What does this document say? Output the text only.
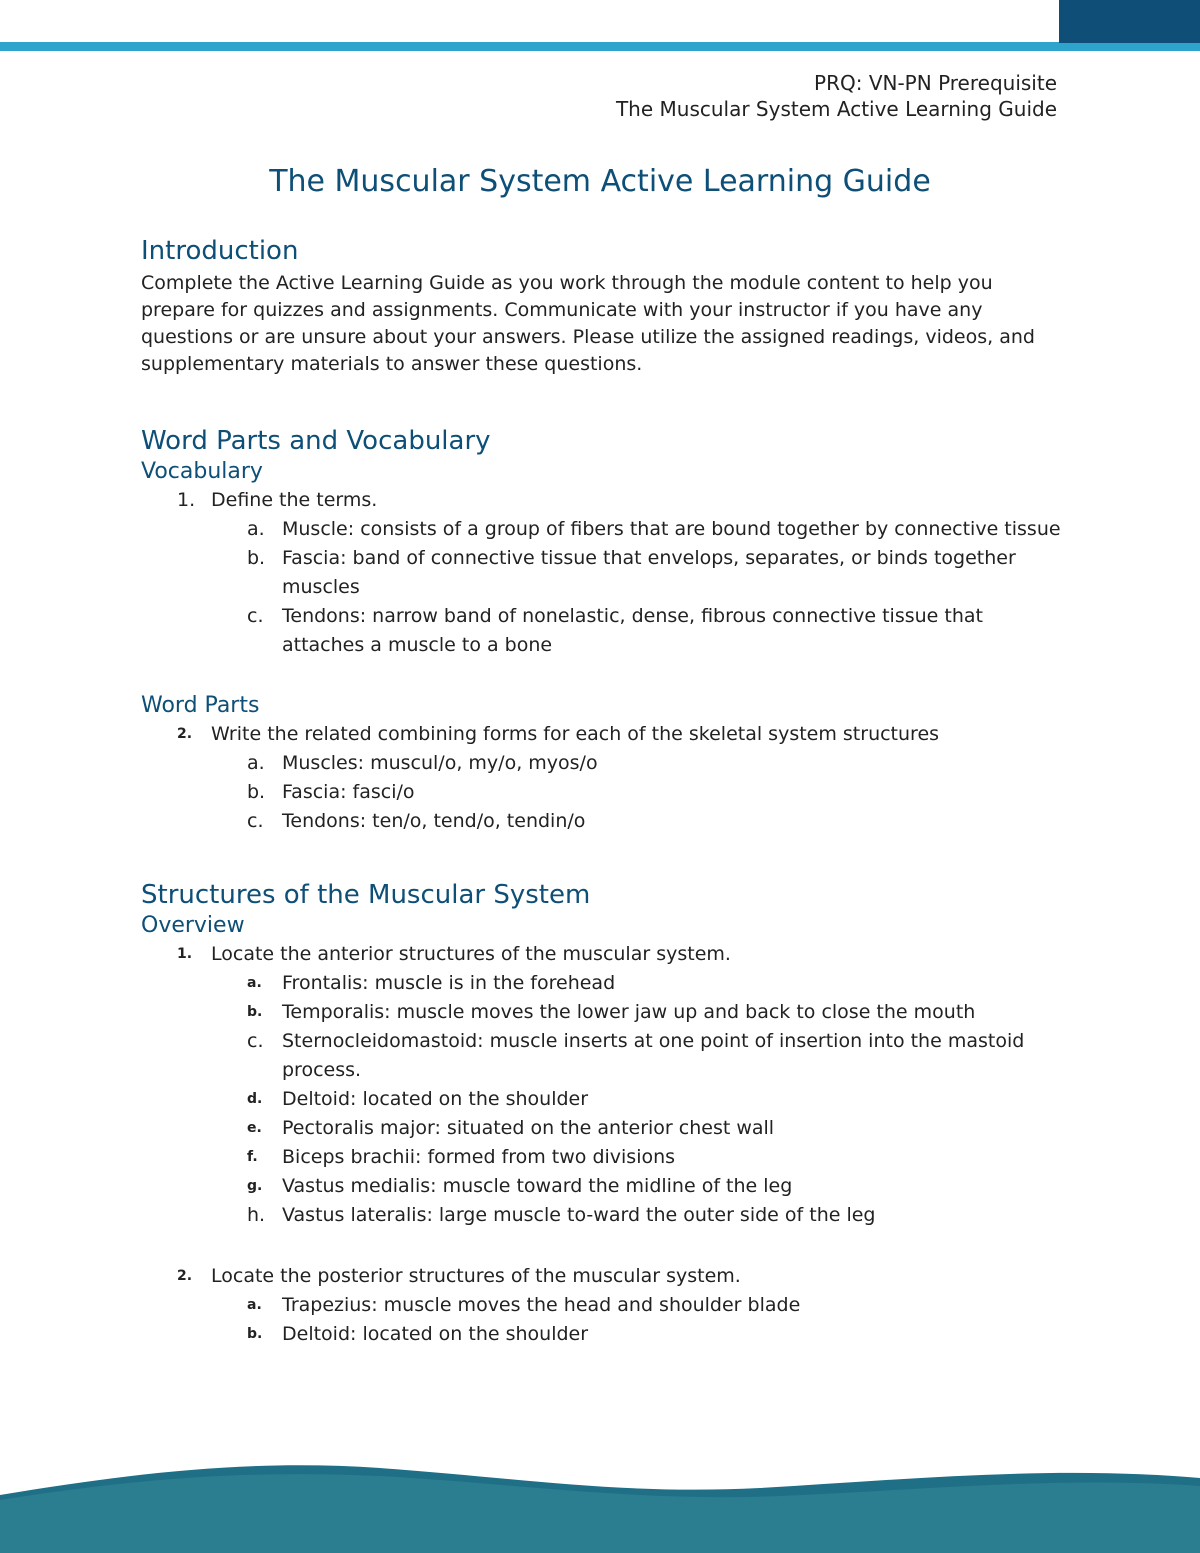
PRQ: VN-PN Prerequisite
The Muscular System Active Learning Guide
The Muscular System Active Learning Guide
Introduction

Complete the Active Learning Guide as you work through the module content to help you prepare for quizzes and assignments. Communicate with your instructor if you have any questions or are unsure about your answers. Please utilize the assigned readings, videos, and supplementary materials to answer these questions.

Word Parts and Vocabulary
Vocabulary
1. Define the terms.
a. Muscle: consists of a group of fibers that are bound together by connective tissue
b. Fascia: band of connective tissue that envelops, separates, or binds together muscles
c. Tendons: narrow band of nonelastic, dense, fibrous connective tissue that attaches a muscle to a bone
Word Parts
2. Write the related combining forms for each of the skeletal system structures
a. Muscles: muscul/o, my/o, myos/o
b. Fascia: fasci/o
c. Tendons: ten/o, tend/o, tendin/o
Structures of the Muscular System
Overview
1. Locate the anterior structures of the muscular system.
a. Frontalis: muscle is in the forehead
b. Temporalis: muscle moves the lower jaw up and back to close the mouth
c. Sternocleidomastoid: muscle inserts at one point of insertion into the mastoid process.
d. Deltoid: located on the shoulder
e. Pectoralis major: situated on the anterior chest wall
f. Biceps brachii: formed from two divisions
g. Vastus medialis: muscle toward the midline of the leg
h. Vastus lateralis: large muscle to-ward the outer side of the leg
2. Locate the posterior structures of the muscular system.
a. Trapezius: muscle moves the head and shoulder blade
b. Deltoid: located on the shoulder
